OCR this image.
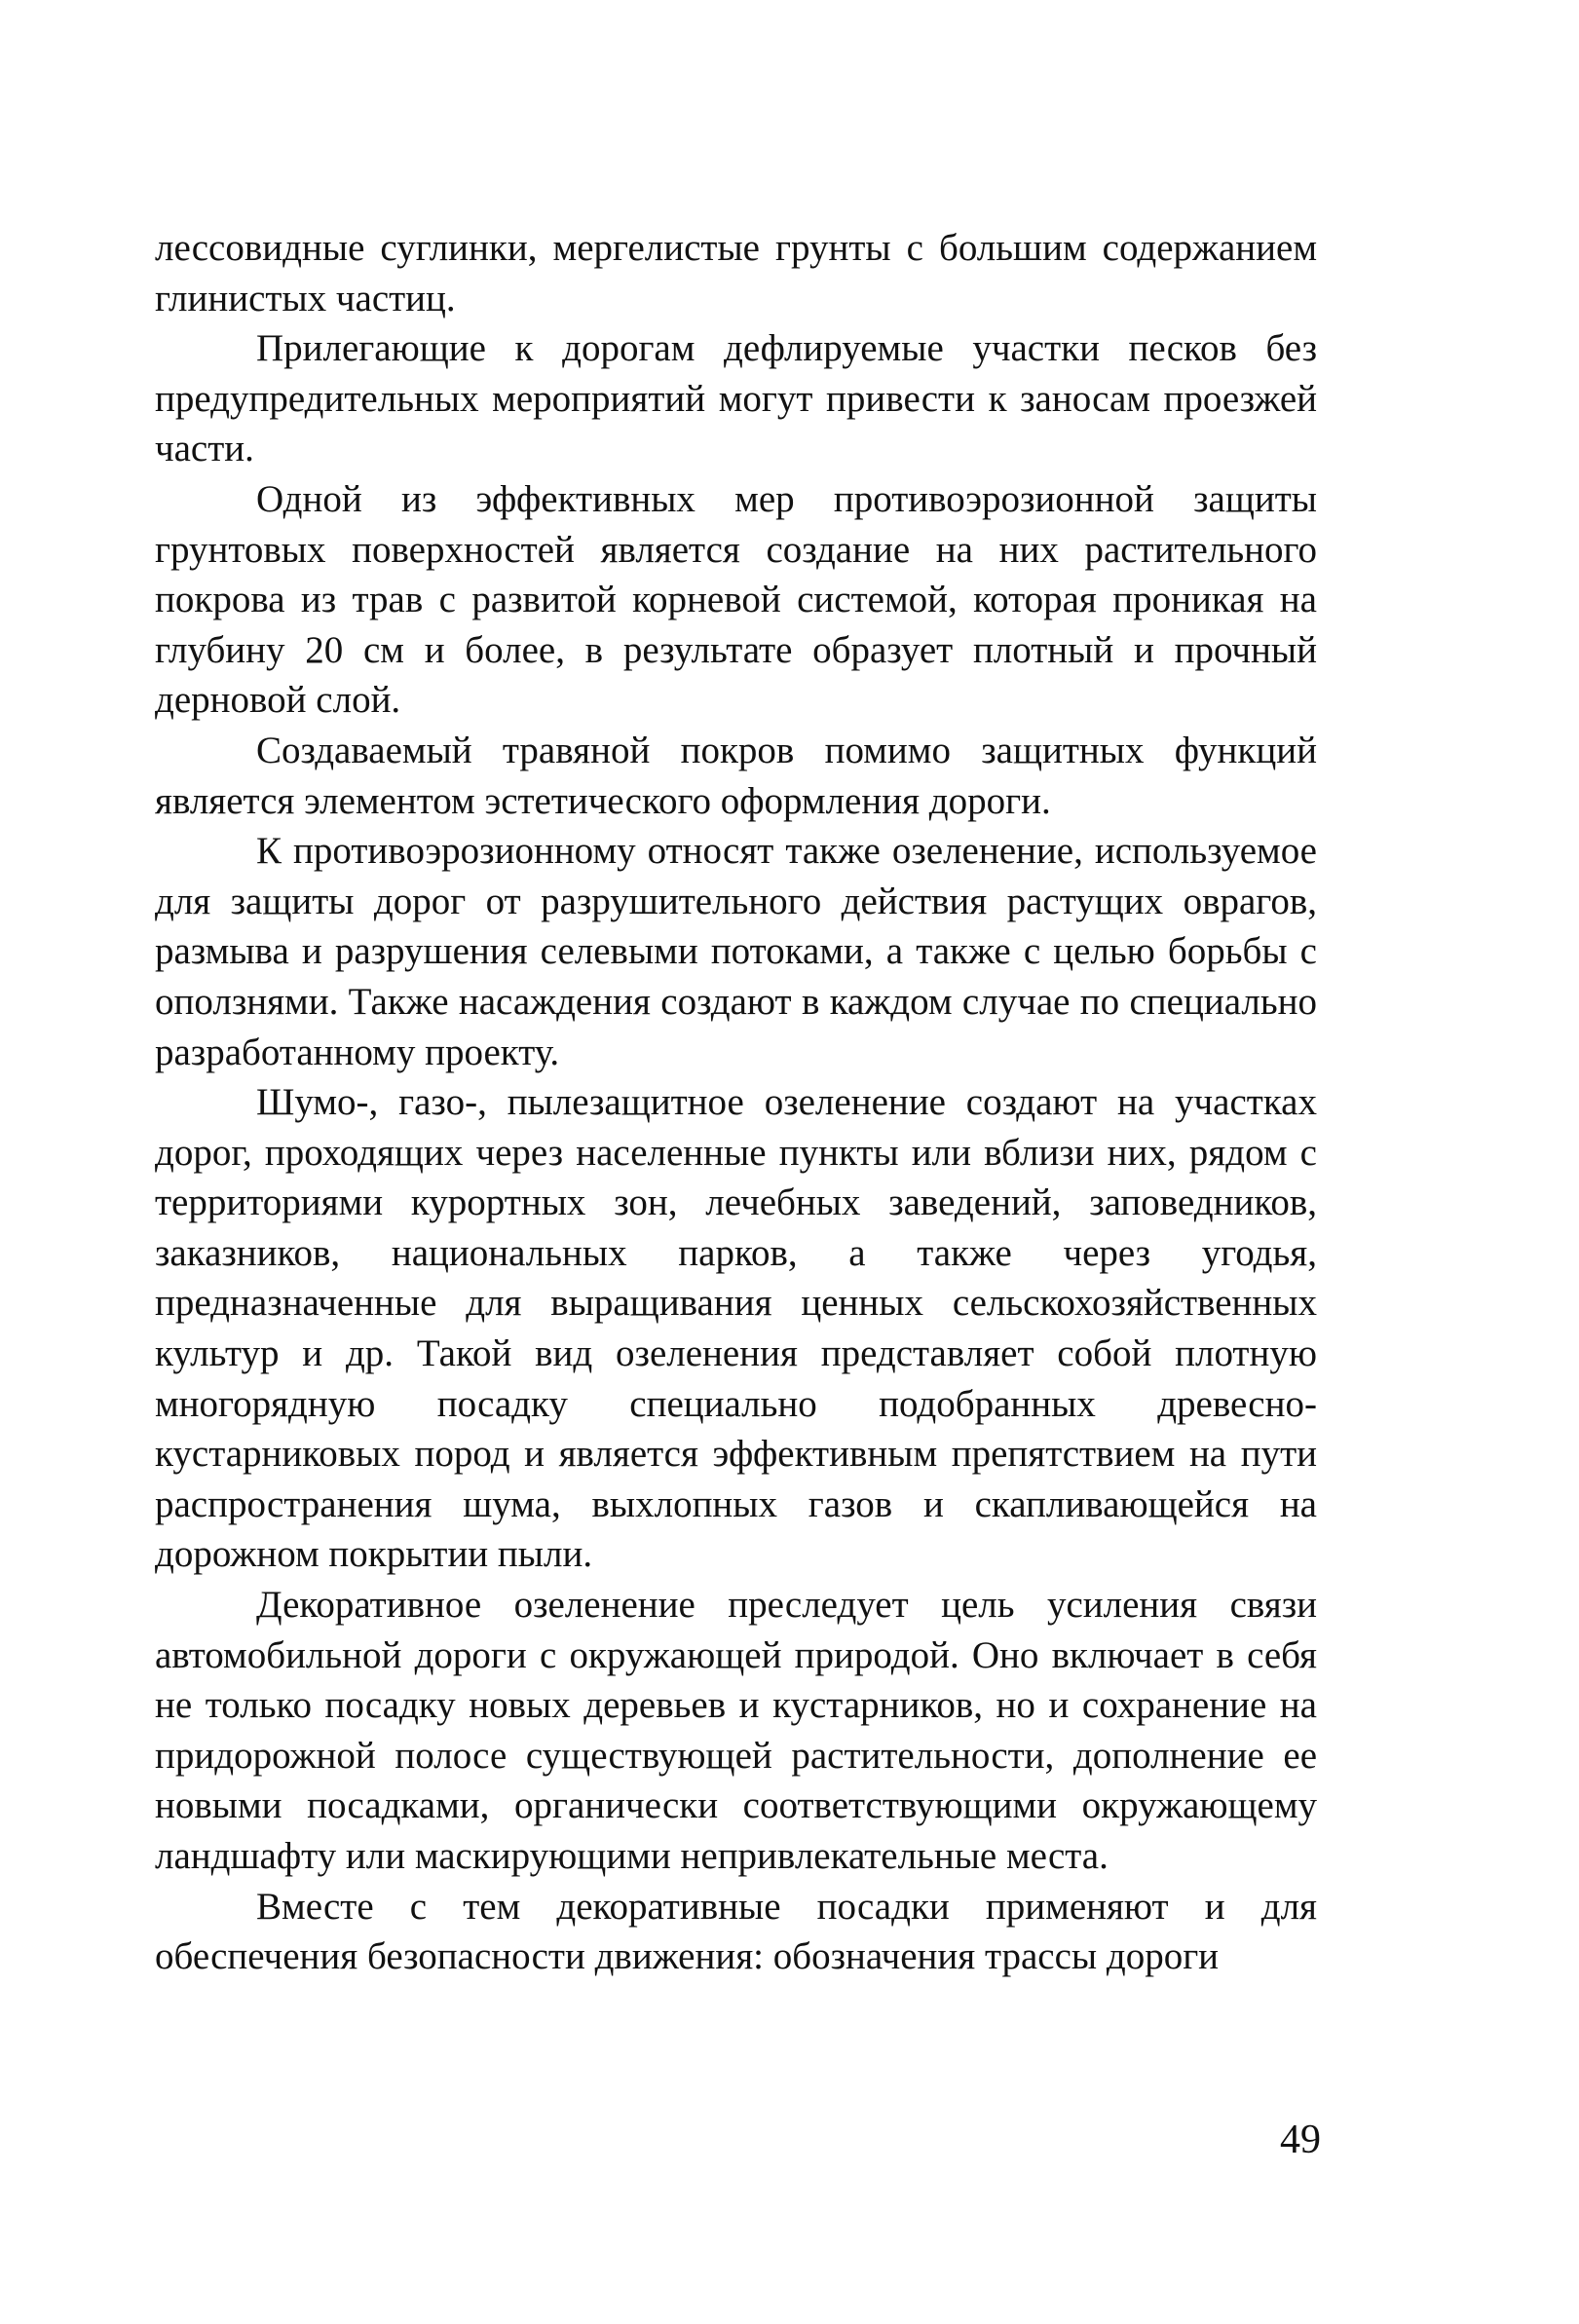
лессовидные суглинки, мергелистые грунты с большим содержанием глинистых частиц.

Прилегающие к дорогам дефлируемые участки песков без предупредительных мероприятий могут привести к заносам проезжей части.

Одной из эффективных мер противоэрозионной защиты грунтовых поверхностей является создание на них растительного покрова из трав с развитой корневой системой, которая проникая на глубину 20 см и более, в результате образует плотный и прочный дерновой слой.

Создаваемый травяной покров помимо защитных функций является элементом эстетического оформления дороги.

К противоэрозионному относят также озеленение, используемое для защиты дорог от разрушительного действия растущих оврагов, размыва и разрушения селевыми потоками, а также с целью борьбы с оползнями. Также насаждения создают в каждом случае по специально разработанному проекту.

Шумо-, газо-, пылезащитное озеленение создают на участках дорог, проходящих через населенные пункты или вблизи них, рядом с территориями курортных зон, лечебных заведений, заповедников, заказников, национальных парков, а также через угодья, предназначенные для выращивания ценных сельскохозяйственных культур и др. Такой вид озеленения представляет собой плотную многорядную посадку специально подобранных древеснокустарниковых пород и является эффективным препятствием на пути распространения шума, выхлопных газов и скапливающейся на дорожном покрытии пыли.

Декоративное озеленение преследует цель усиления связи автомобильной дороги с окружающей природой. Оно включает в себя не только посадку новых деревьев и кустарников, но и сохранение на придорожной полосе существующей растительности, дополнение ее новыми посадками, органически соответствующими окружающему ландшафту или маскирующими непривлекательные места.

Вместе с тем декоративные посадки применяют и для обеспечения безопасности движения: обозначения трассы дороги

49
